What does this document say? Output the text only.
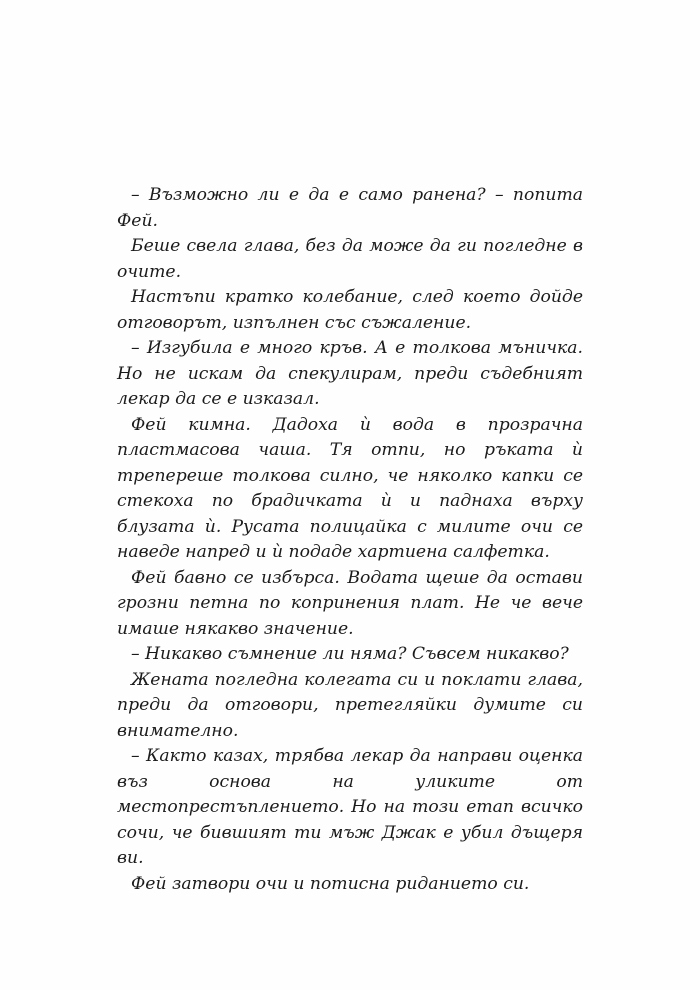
– Възможно ли е да е само ранена? – попита Фей.

Беше свела глава, без да може да ги погледне в очите.

Настъпи кратко колебание, след което дойде отговорът, изпълнен със съжаление.

– Изгубила е много кръв. А е толкова мъничка. Но не искам да спекулирам, преди съдебният лекар да се е изказал.

Фей кимна. Дадоха ѝ вода в прозрачна пластмасова чаша. Тя отпи, но ръката ѝ трепереше толкова силно, че няколко капки се стекоха по брадичката ѝ и паднаха върху блузата ѝ. Русата полицайка с милите очи се наведе напред и ѝ подаде хартиена салфетка.

Фей бавно се избърса. Водата щеше да остави грозни петна по копринения плат. Не че вече имаше някакво значение.

– Никакво съмнение ли няма? Съвсем никакво?

Жената погледна колегата си и поклати глава, преди да отговори, претегляйки думите си внимателно.

– Както казах, трябва лекар да направи оценка въз основа на уликите от местопрестъплението. Но на този етап всичко сочи, че бившият ти мъж Джак е убил дъщеря ви.

Фей затвори очи и потисна риданието си.
